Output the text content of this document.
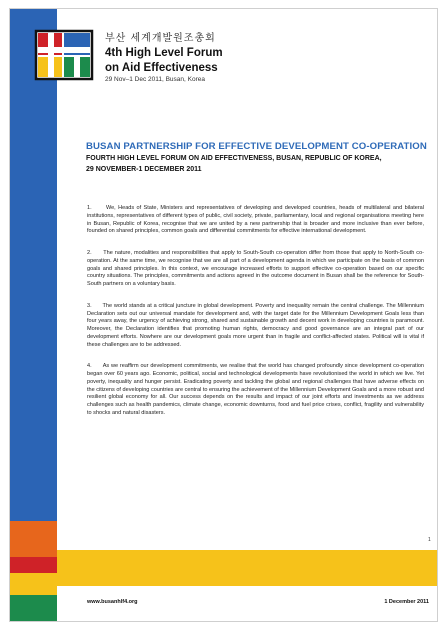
부산 세계개발원조총회
4th High Level Forum
on Aid Effectiveness
29 Nov–1 Dec 2011, Busan, Korea
BUSAN PARTNERSHIP FOR EFFECTIVE DEVELOPMENT CO-OPERATION
FOURTH HIGH LEVEL FORUM ON AID EFFECTIVENESS, BUSAN, REPUBLIC OF KOREA,
29 NOVEMBER-1 DECEMBER 2011

1.	We, Heads of State, Ministers and representatives of developing and developed countries, heads of multilateral and bilateral institutions, representatives of different types of public, civil society, private, parliamentary, local and regional organisations meeting here in Busan, Republic of Korea, recognise that we are united by a new partnership that is broader and more inclusive than ever before, founded on shared principles, common goals and differential commitments for effective international development.

2. The nature, modalities and responsibilities that apply to South-South co-operation differ from those that apply to North-South co-operation. At the same time, we recognise that we are all part of a development agenda in which we participate on the basis of common goals and shared principles. In this context, we encourage increased efforts to support effective co-operation based on our specific country situations. The principles, commitments and actions agreed in the outcome document in Busan shall be the reference for South-South partners on a voluntary basis.

3. The world stands at a critical juncture in global development. Poverty and inequality remain the central challenge. The Millennium Declaration sets out our universal mandate for development and, with the target date for the Millennium Development Goals less than four years away, the urgency of achieving strong, shared and sustainable growth and decent work in developing countries is paramount. Moreover, the Declaration identifies that promoting human rights, democracy and good governance are an integral part of our development efforts. Nowhere are our development goals more urgent than in fragile and conflict-affected states. Political will is vital if these challenges are to be addressed.

4. As we reaffirm our development commitments, we realise that the world has changed profoundly since development co-operation began over 60 years ago. Economic, political, social and technological developments have revolutionised the world in which we live. Yet poverty, inequality and hunger persist. Eradicating poverty and tackling the global and regional challenges that have adverse effects on the citizens of developing countries are central to ensuring the achievement of the Millennium Development Goals and a more robust and resilient global economy for all. Our success depends on the results and impact of our joint efforts and investments as we address challenges such as health pandemics, climate change, economic downturns, food and fuel price crises, conflict, fragility and vulnerability to shocks and natural disasters.

1
www.busanhlf4.org	1 December 2011
